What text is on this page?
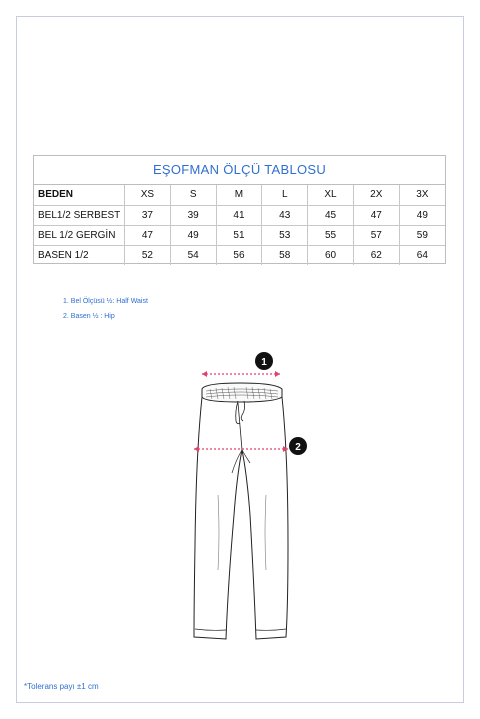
EŞOFMAN ÖLÇÜ TABLOSU
BEDEN	XS	S	M	L	XL	2X	3X
BEL1/2 SERBEST	37	39	41	43	45	47	49
BEL 1/2 GERGİN	47	49	51	53	55	57	59
BASEN 1/2	52	54	56	58	60	62	64
1. Bel Ölçüsü ½: Half Waist
2. Basen ½ : Hip
1
2
*Tolerans payı ±1 cm
